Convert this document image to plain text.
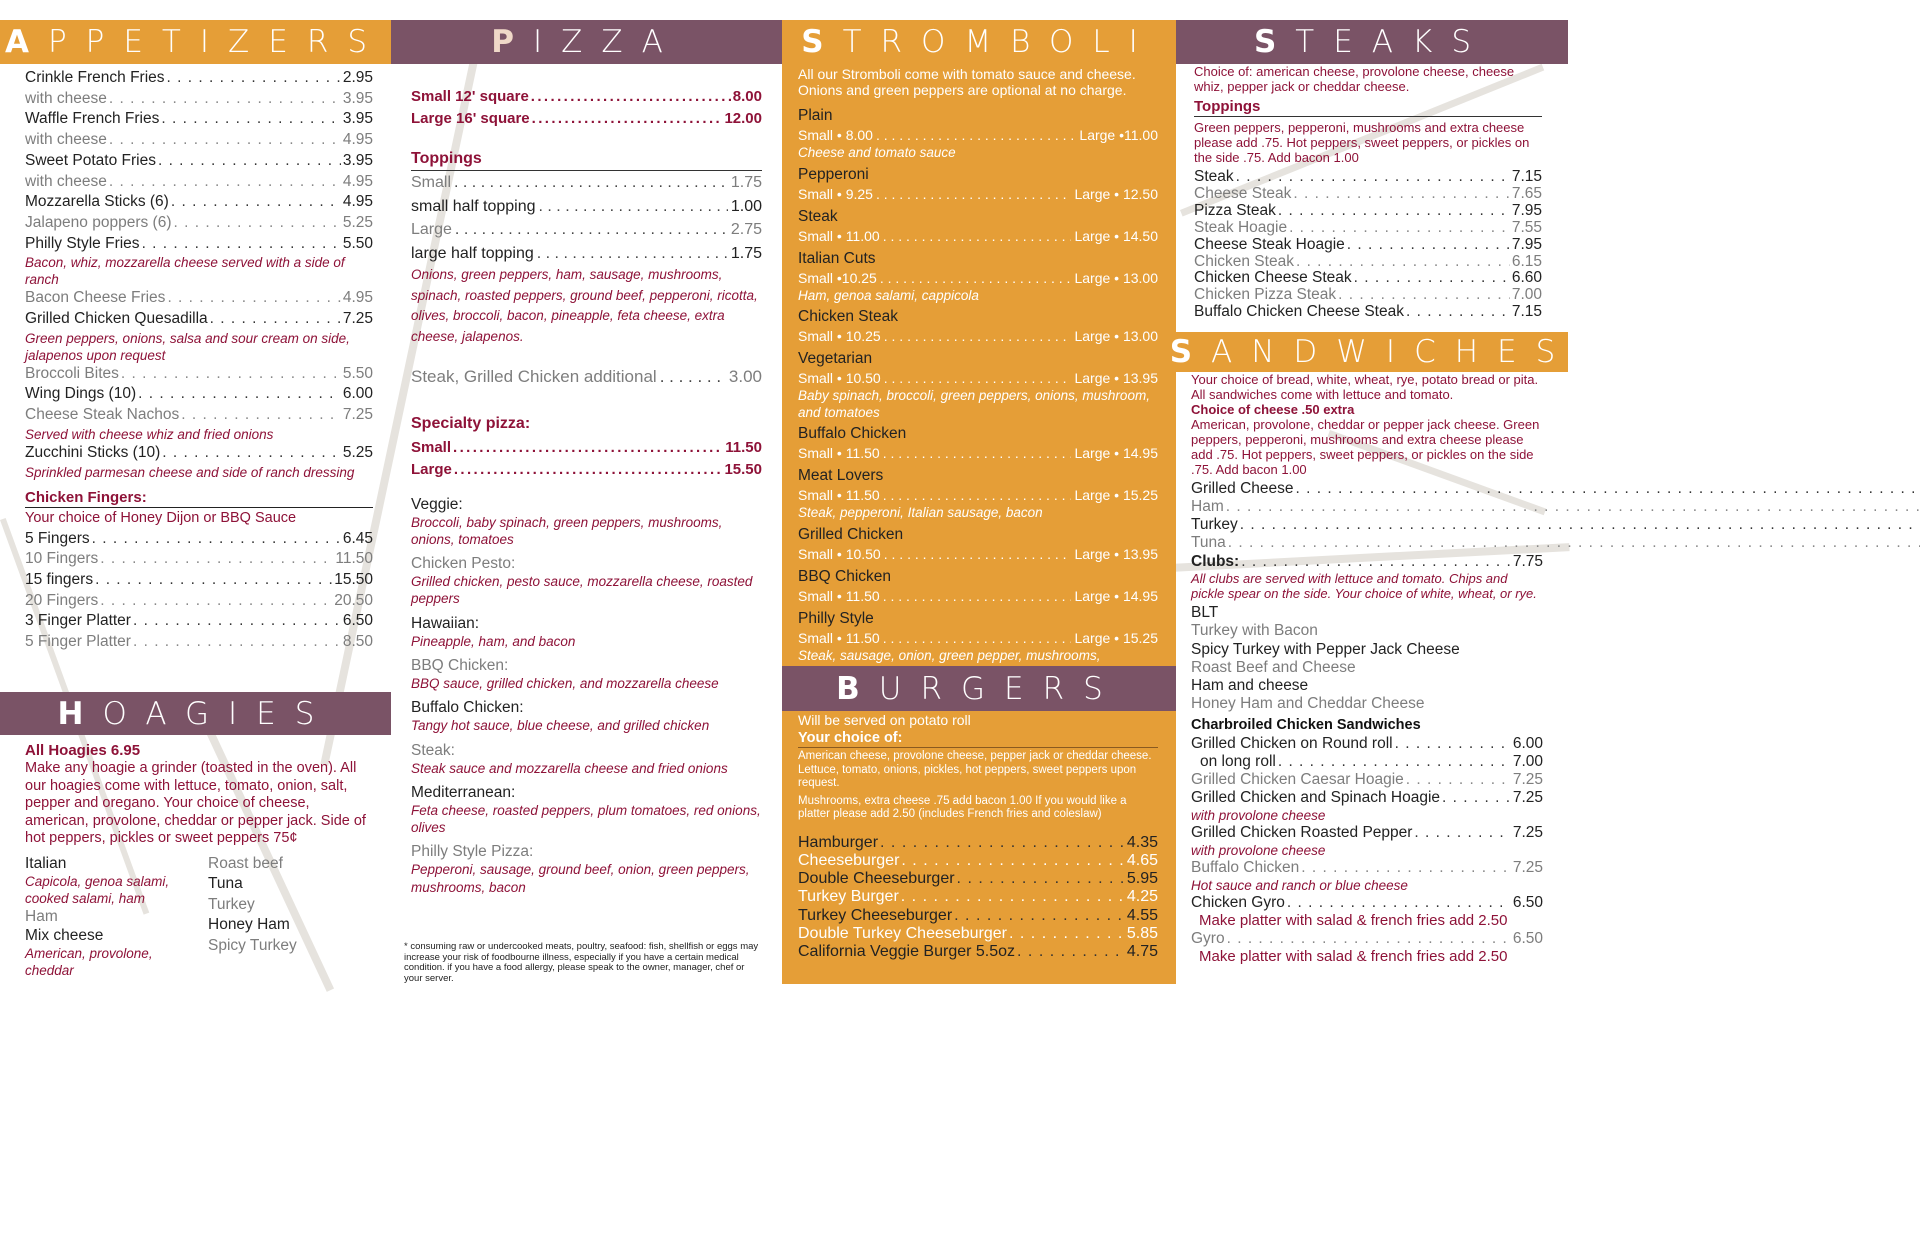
APPETIZERS
Crinkle French Fries . . .	2.95
with cheese . . .	3.95
Waffle French Fries . . .	3.95
with cheese . . .	4.95
Sweet Potato Fries . . .	3.95
with cheese . . .	4.95
Mozzarella Sticks (6) . . .	4.95
Jalapeno poppers (6) . . .	5.25
Philly Style Fries . . .	5.50
Bacon, whiz, mozzarella cheese served with a side of ranch
Bacon Cheese Fries . . .	4.95
Grilled Chicken Quesadilla . . .	7.25
Green peppers, onions, salsa and sour cream on side, jalapenos upon request
Broccoli Bites . . .	5.50
Wing Dings (10) . . .	6.00
Cheese Steak Nachos . . .	7.25
Served with cheese whiz and fried onions
Zucchini Sticks (10) . . .	5.25
Sprinkled parmesan cheese and side of ranch dressing
Chicken Fingers:
Your choice of Honey Dijon or BBQ Sauce
5 Fingers . . .	6.45
10 Fingers . . .	11.50
15 fingers . . .	15.50
20 Fingers . . .	20.50
3 Finger Platter . . .	6.50
5 Finger Platter . . .	8.50
HOAGIES
All Hoagies 6.95

Make any hoagie a grinder (toasted in the oven). All our hoagies come with lettuce, tomato, onion, salt, pepper and oregano. Your choice of cheese, american, provolone, cheddar or pepper jack. Side of hot peppers, pickles or sweet peppers 75¢

Italian
Capicola, genoa salami, cooked salami, ham
Ham
Mix cheese
American, provolone, cheddar
Roast beef
Tuna
Turkey
Honey Ham
Spicy Turkey
PIZZA
Small 12' square .....	8.00
Large 16' square .....	12.00
Toppings
Small . . .	1.75
small half topping . . .	1.00
Large . . .	2.75
large half topping . . .	1.75
Onions, green peppers, ham, sausage, mushrooms, spinach, roasted peppers, ground beef, pepperoni, ricotta, olives, broccoli, bacon, pineapple, feta cheese, extra cheese, jalapenos.
Steak, Grilled Chicken additional . . .	3.00
Specialty pizza:
Small .....	11.50
Large .....	15.50
Veggie:
Broccoli, baby spinach, green peppers, mushrooms, onions, tomatoes
Chicken Pesto:
Grilled chicken, pesto sauce, mozzarella cheese, roasted peppers
Hawaiian:
Pineapple, ham, and bacon
BBQ Chicken:
BBQ sauce, grilled chicken, and mozzarella cheese
Buffalo Chicken:
Tangy hot sauce, blue cheese, and grilled chicken
Steak:
Steak sauce and mozzarella cheese and fried onions
Mediterranean:
Feta cheese, roasted peppers, plum tomatoes, red onions, olives
Philly Style Pizza:
Pepperoni, sausage, ground beef, onion, green peppers, mushrooms, bacon
* consuming raw or undercooked meats, poultry, seafood: fish, shellfish or eggs may increase your risk of foodbourne illness, especially if you have a certain medical condition. if you have a food allergy, please speak to the owner, manager, chef or your server.
STROMBOLI
All our Stromboli come with tomato sauce and cheese. Onions and green peppers are optional at no charge.
Plain
Small • 8.00 . . .	Large •11.00
Cheese and tomato sauce
Pepperoni
Small • 9.25 . . .	Large • 12.50
Steak
Small • 11.00 . . .	Large • 14.50
Italian Cuts
Small •10.25 . . .	Large • 13.00
Ham, genoa salami, cappicola
Chicken Steak
Small • 10.25 . . .	Large • 13.00
Vegetarian
Small • 10.50 . . .	Large • 13.95
Baby spinach, broccoli, green peppers, onions, mushroom, and tomatoes
Buffalo Chicken
Small • 11.50 . . .	Large • 14.95
Meat Lovers
Small • 11.50 . . .	Large • 15.25
Steak, pepperoni, Italian sausage, bacon
Grilled Chicken
Small • 10.50 . . .	Large • 13.95
BBQ Chicken
Small • 11.50 . . .	Large • 14.95
Philly Style
Small • 11.50 . . .	Large • 15.25
Steak, sausage, onion, green pepper, mushrooms,
BURGERS
Will be served on potato roll
Your choice of:
American cheese, provolone cheese, pepper jack or cheddar cheese. Lettuce, tomato, onions, pickles, hot peppers, sweet peppers upon request.
Mushrooms, extra cheese .75 add bacon 1.00 If you would like a platter please add 2.50 (includes French fries and coleslaw)
Hamburger . . .	4.35
Cheeseburger . . .	4.65
Double Cheeseburger . . .	5.95
Turkey Burger . . .	4.25
Turkey Cheeseburger . . .	4.55
Double Turkey Cheeseburger . . .	5.85
California Veggie Burger 5.5oz . . .	4.75
STEAKS
Choice of: american cheese, provolone cheese, cheese whiz, pepper jack or cheddar cheese.
Toppings
Green peppers, pepperoni, mushrooms and extra cheese please add .75. Hot peppers, sweet peppers, or pickles on the side .75. Add bacon 1.00
Steak . . .	7.15
Cheese Steak . . .	7.65
Pizza Steak . . .	7.95
Steak Hoagie . . .	7.55
Cheese Steak Hoagie . . .	7.95
Chicken Steak . . .	6.15
Chicken Cheese Steak . . .	6.60
Chicken Pizza Steak . . .	7.00
Buffalo Chicken Cheese Steak . . .	7.15
SANDWICHES
Your choice of bread, white, wheat, rye, potato bread or pita. All sandwiches come with lettuce and tomato.
Choice of cheese .50 extra
American, provolone, cheddar or pepper jack cheese. Green peppers, pepperoni, mushrooms and extra cheese please add .75. Hot peppers, sweet peppers, or pickles on the side .75. Add bacon 1.00
Grilled Cheese
. . .
Ham
. . .
Turkey
. . .
Tuna
. . .
Clubs: . . .	7.75
All clubs are served with lettuce and tomato. Chips and pickle spear on the side. Your choice of white, wheat, or rye.
BLT
Turkey with Bacon
Spicy Turkey with Pepper Jack Cheese
Roast Beef and Cheese
Ham and cheese
Honey Ham and Cheddar Cheese
Charbroiled Chicken Sandwiches
Grilled Chicken on Round roll . . .	6.00
on long roll . . .	7.00
Grilled Chicken Caesar Hoagie . . .	7.25
Grilled Chicken and Spinach Hoagie . . .	7.25
with provolone cheese
Grilled Chicken Roasted Pepper . . .	7.25
with provolone cheese
Buffalo Chicken . . .	7.25
Hot sauce and ranch or blue cheese
Chicken Gyro . . .	6.50
Make platter with salad & french fries add 2.50
Gyro . . .	6.50
Make platter with salad & french fries add 2.50
